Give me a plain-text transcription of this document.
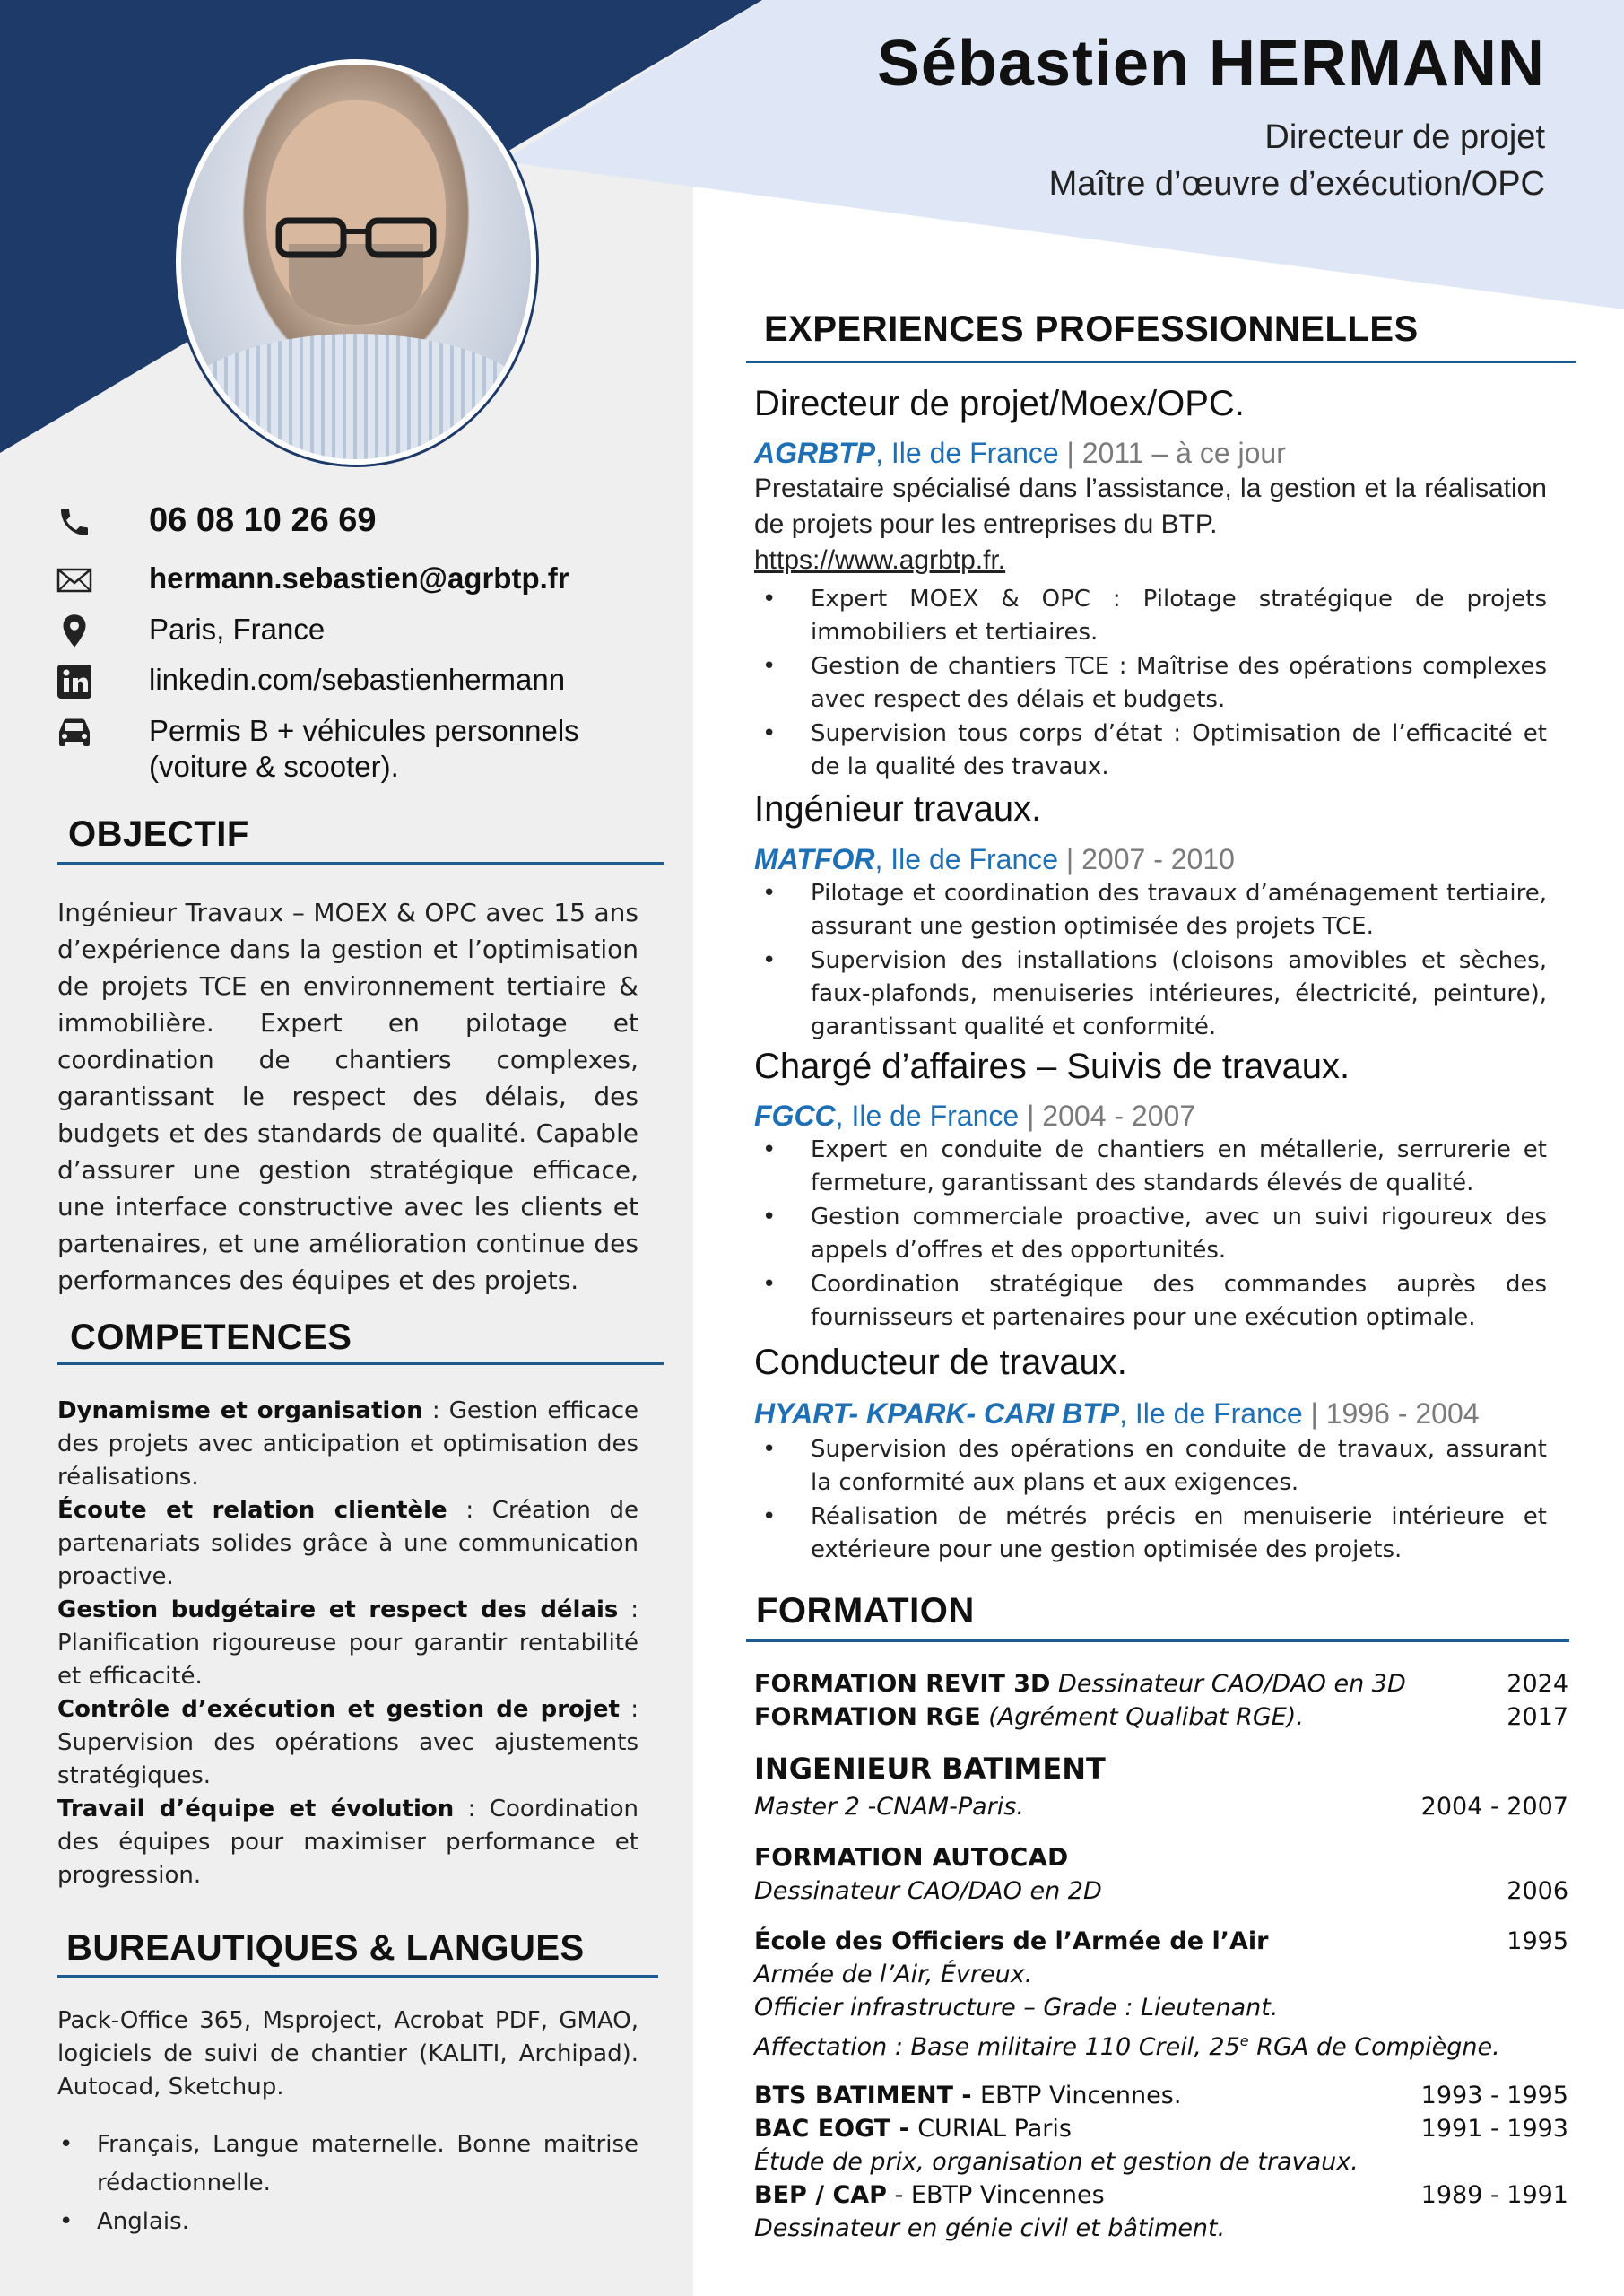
Sébastien HERMANN
Directeur de projet
Maître d’œuvre d’exécution/OPC
06 08 10 26 69
hermann.sebastien@agrbtp.fr
Paris, France
linkedin.com/sebastienhermann
Permis B + véhicules personnels
(voiture & scooter).
OBJECTIF
Ingénieur Travaux – MOEX & OPC avec 15 ans d’expérience dans la gestion et l’optimisation de projets TCE en environnement tertiaire & immobilière. Expert en pilotage et coordination de chantiers complexes, garantissant le respect des délais, des budgets et des standards de qualité. Capable d’assurer une gestion stratégique efficace, une interface constructive avec les clients et partenaires, et une amélioration continue des performances des équipes et des projets.
COMPETENCES

Dynamisme et organisation : Gestion efficace des projets avec anticipation et optimisation des réalisations.

Écoute et relation clientèle : Création de partenariats solides grâce à une communication proactive.

Gestion budgétaire et respect des délais : Planification rigoureuse pour garantir rentabilité et efficacité.

Contrôle d’exécution et gestion de projet : Supervision des opérations avec ajustements stratégiques.

Travail d’équipe et évolution : Coordination des équipes pour maximiser performance et progression.

BUREAUTIQUES & LANGUES
Pack-Office 365, Msproject, Acrobat PDF, GMAO, logiciels de suivi de chantier (KALITI, Archipad). Autocad, Sketchup.
• Français, Langue maternelle. Bonne maitrise rédactionnelle.
• Anglais.
EXPERIENCES PROFESSIONNELLES
Directeur de projet/Moex/OPC.
AGRBTP, Ile de France | 2011 – à ce jour
Prestataire spécialisé dans l’assistance, la gestion et la réalisation de projets pour les entreprises du BTP.
https://www.agrbtp.fr.
• Expert MOEX & OPC : Pilotage stratégique de projets immobiliers et tertiaires.
• Gestion de chantiers TCE : Maîtrise des opérations complexes avec respect des délais et budgets.
• Supervision tous corps d’état : Optimisation de l’efficacité et de la qualité des travaux.
Ingénieur travaux.
MATFOR, Ile de France | 2007 - 2010
• Pilotage et coordination des travaux d’aménagement tertiaire, assurant une gestion optimisée des projets TCE.
• Supervision des installations (cloisons amovibles et sèches, faux-plafonds, menuiseries intérieures, électricité, peinture), garantissant qualité et conformité.
Chargé d’affaires – Suivis de travaux.
FGCC, Ile de France | 2004 - 2007
• Expert en conduite de chantiers en métallerie, serrurerie et fermeture, garantissant des standards élevés de qualité.
• Gestion commerciale proactive, avec un suivi rigoureux des appels d’offres et des opportunités.
• Coordination stratégique des commandes auprès des fournisseurs et partenaires pour une exécution optimale.
Conducteur de travaux.
HYART- KPARK- CARI BTP, Ile de France | 1996 - 2004
• Supervision des opérations en conduite de travaux, assurant la conformité aux plans et aux exigences.
• Réalisation de métrés précis en menuiserie intérieure et extérieure pour une gestion optimisée des projets.
FORMATION
FORMATION REVIT 3D Dessinateur CAO/DAO en 3D	2024
FORMATION RGE (Agrément Qualibat RGE).	2017
INGENIEUR BATIMENT
Master 2 -CNAM-Paris.	2004 - 2007
FORMATION AUTOCAD
Dessinateur CAO/DAO en 2D	2006
École des Officiers de l’Armée de l’Air	1995
Armée de l’Air, Évreux.
Officier infrastructure – Grade : Lieutenant.
Affectation : Base militaire 110 Creil, 25e RGA de Compiègne.
BTS BATIMENT - EBTP Vincennes.	1993 - 1995
BAC EOGT - CURIAL Paris	1991 - 1993
Étude de prix, organisation et gestion de travaux.
BEP / CAP - EBTP Vincennes	1989 - 1991
Dessinateur en génie civil et bâtiment.
